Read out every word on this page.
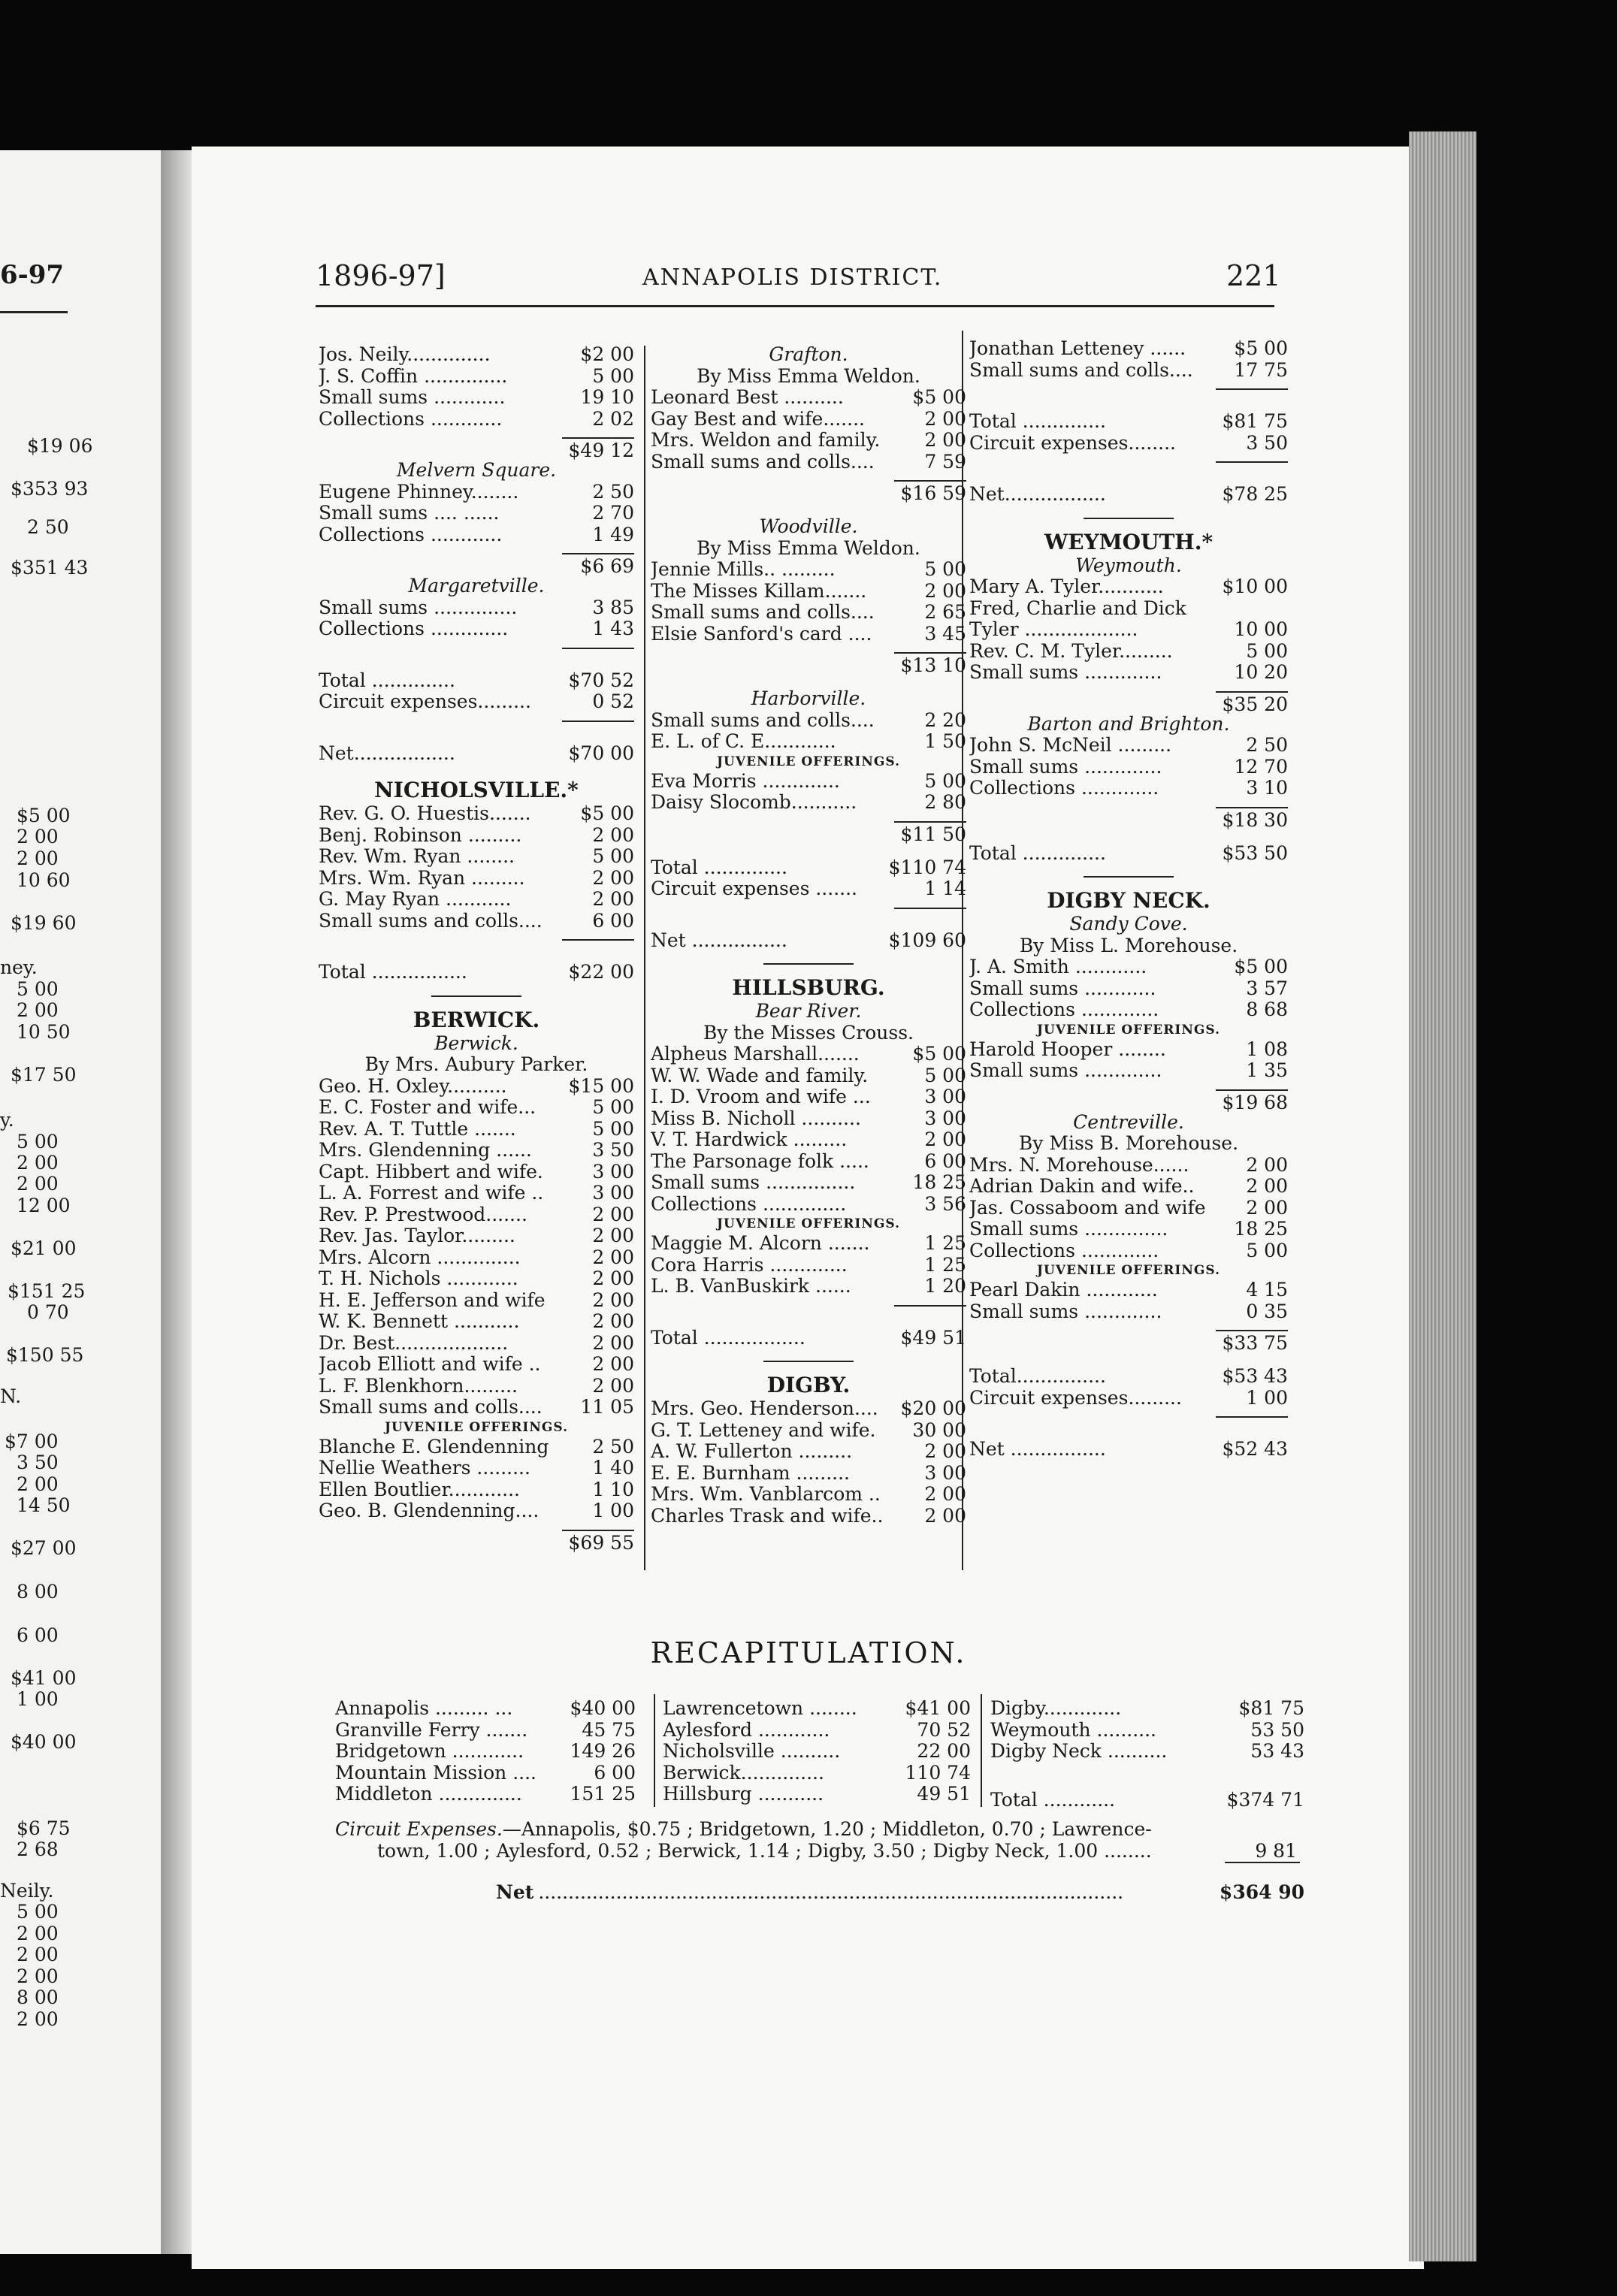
$19 06
$353 93
2 50
$351 43
$5 00
2 00
2 00
10 60
$19 60
ney.
5 00
2 00
10 50
$17 50
y.
5 00
2 00
2 00
12 00
$21 00
$151 25
0 70
$150 55
N.
$7 00
3 50
2 00
14 50
$27 00
8 00
6 00
$41 00
1 00
$40 00
$6 75
2 68
Neily.
5 00
2 00
2 00
2 00
8 00
2 00
6-97	1896-97]	ANNAPOLIS DISTRICT.	221
Jos. Neily..............	$2 00
J. S. Coffin ..............	5 00
Small sums ............	19 10
Collections ............	2 02
$49 12
Melvern Square.
Eugene Phinney........	2 50
Small sums .... ......	2 70
Collections ............	1 49
$6 69
Margaretville.
Small sums ..............	3 85
Collections .............	1 43
Total ..............	$70 52
Circuit expenses.........	0 52
Net.................	$70 00
NICHOLSVILLE.*
Rev. G. O. Huestis.......	$5 00
Benj. Robinson .........	2 00
Rev. Wm. Ryan ........	5 00
Mrs. Wm. Ryan .........	2 00
G. May Ryan ...........	2 00
Small sums and colls....	6 00
Total ................	$22 00
BERWICK.
Berwick.
By Mrs. Aubury Parker.
Geo. H. Oxley..........	$15 00
E. C. Foster and wife...	5 00
Rev. A. T. Tuttle .......	5 00
Mrs. Glendenning ......	3 50
Capt. Hibbert and wife.	3 00
L. A. Forrest and wife ..	3 00
Rev. P. Prestwood.......	2 00
Rev. Jas. Taylor.........	2 00
Mrs. Alcorn ..............	2 00
T. H. Nichols ............	2 00
H. E. Jefferson and wife	2 00
W. K. Bennett ...........	2 00
Dr. Best...................	2 00
Jacob Elliott and wife ..	2 00
L. F. Blenkhorn.........	2 00
Small sums and colls.... 11 05
JUVENILE OFFERINGS.
Blanche E. Glendenning 2 50
Nellie Weathers .........	1 40
Ellen Boutlier............	1 10
Geo. B. Glendenning....	1 00
$69 55
Grafton.
By Miss Emma Weldon.
Leonard Best ..........	$5 00
Gay Best and wife.......	2 00
Mrs. Weldon and family. 2 00
Small sums and colls....	7 59
$16 59
Woodville.
By Miss Emma Weldon.
Jennie Mills.. .........	5 00
The Misses Killam.......	2 00
Small sums and colls....	2 65
Elsie Sanford's card ....	3 45
$13 10
Harborville.
Small sums and colls....	2 20
E. L. of C. E............	1 50
JUVENILE OFFERINGS.
Eva Morris .............	5 00
Daisy Slocomb...........	2 80
$11 50
Total ..............	$110 74
Circuit expenses .......	1 14
Net ................	$109 60
HILLSBURG.
Bear River.
By the Misses Crouss.
Alpheus Marshall.......	$5 00
W. W. Wade and family.	5 00
I. D. Vroom and wife ...	3 00
Miss B. Nicholl ..........	3 00
V. T. Hardwick .........	2 00
The Parsonage folk .....	6 00
Small sums ...............	18 25
Collections ..............	3 56
JUVENILE OFFERINGS.
Maggie M. Alcorn .......	1 25
Cora Harris .............	1 25
L. B. VanBuskirk ......	1 20
Total .................	$49 51
DIGBY.
Mrs. Geo. Henderson.... $20 00
G. T. Letteney and wife. 30 00
A. W. Fullerton .........	2 00
E. E. Burnham .........	3 00
Mrs. Wm. Vanblarcom .. 2 00
Charles Trask and wife.. 2 00
Jonathan Letteney ......	$5 00
Small sums and colls.... 17 75
Total ..............	$81 75
Circuit expenses........	3 50
Net.................	$78 25
WEYMOUTH.*
Weymouth.
Mary A. Tyler...........	$10 00
Fred, Charlie and Dick
Tyler ...................	10 00
Rev. C. M. Tyler.........	5 00
Small sums .............	10 20
$35 20
Barton and Brighton.
John S. McNeil .........	2 50
Small sums .............	12 70
Collections .............	3 10
$18 30
Total ..............	$53 50
DIGBY NECK.
Sandy Cove.
By Miss L. Morehouse.
J. A. Smith ............	$5 00
Small sums ............	3 57
Collections .............	8 68
JUVENILE OFFERINGS.
Harold Hooper ........	1 08
Small sums .............	1 35
$19 68
Centreville.
By Miss B. Morehouse.
Mrs. N. Morehouse......	2 00
Adrian Dakin and wife..	2 00
Jas. Cossaboom and wife 2 00
Small sums ..............	18 25
Collections .............	5 00
JUVENILE OFFERINGS.
Pearl Dakin ............	4 15
Small sums .............	0 35
$33 75
Total...............	$53 43
Circuit expenses.........	1 00
Net ................	$52 43
RECAPITULATION.
Annapolis ......... ...	$40 00
Granville Ferry .......	45 75
Bridgetown ............ 149 26
Mountain Mission ....	6 00
Middleton ..............	151 25
Lawrencetown ........	$41 00
Aylesford ............	70 52
Nicholsville ..........	22 00
Berwick..............	110 74
Hillsburg ...........	49 51
Digby.............	$81 75
Weymouth ..........	53 50
Digby Neck ..........	53 43
Total ............	$374 71
Circuit Expenses.—Annapolis, $0.75 ; Bridgetown, 1.20 ; Middleton, 0.70 ; Lawrence-
town, 1.00 ; Aylesford, 0.52 ; Berwick, 1.14 ; Digby, 3.50 ; Digby Neck, 1.00 ........	9 81
Net ..................................................................................................	$364 90
